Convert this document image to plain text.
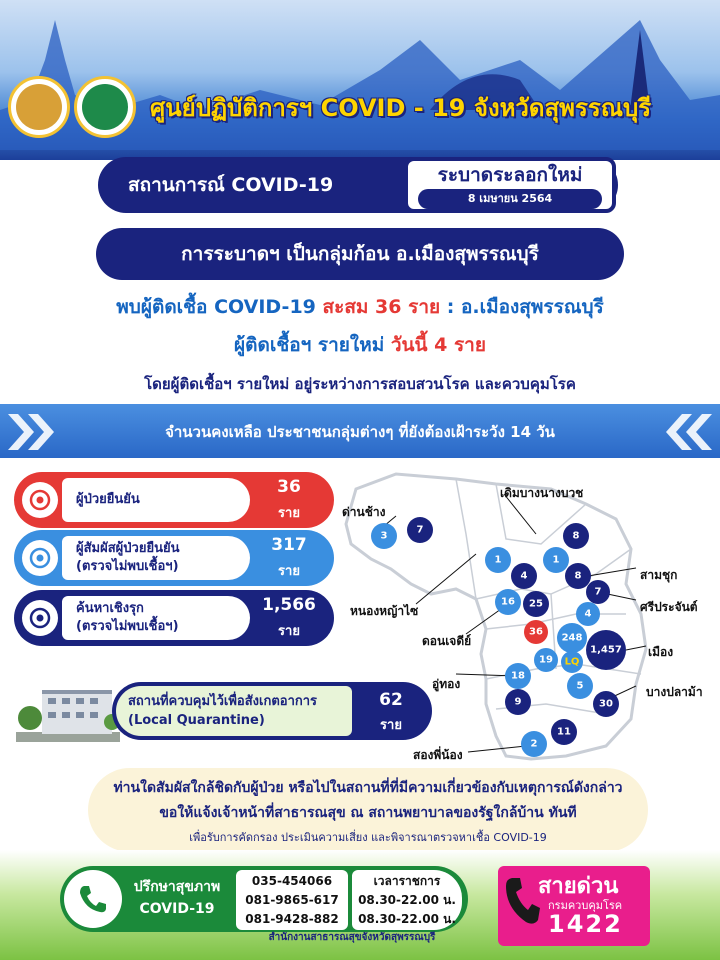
ศูนย์ปฏิบัติการฯ COVID - 19 จังหวัดสุพรรณบุรี
สถานการณ์ COVID-19	ระบาดระลอกใหม่
8 เมษายน 2564
การระบาดฯ เป็นกลุ่มก้อน อ.เมืองสุพรรณบุรี
พบผู้ติดเชื้อ COVID-19 สะสม 36 ราย : อ.เมืองสุพรรณบุรี
ผู้ติดเชื้อฯ รายใหม่ วันนี้ 4 ราย
โดยผู้ติดเชื้อฯ รายใหม่ อยู่ระหว่างการสอบสวนโรค และควบคุมโรค
จำนวนคงเหลือ ประชาชนกลุ่มต่างๆ ที่ยังต้องเฝ้าระวัง 14 วัน
ผู้ป่วยยืนยัน
36
ราย
ผู้สัมผัสผู้ป่วยยืนยัน
(ตรวจไม่พบเชื้อฯ)
317
ราย
ค้นหาเชิงรุก
(ตรวจไม่พบเชื้อฯ)
1,566
ราย
สถานที่ควบคุมไว้เพื่อสังเกตอาการ
(Local Quarantine)
62
ราย
3
7
8
1
4
1
8
7
16 25
4
36
248
1,457
19 LQ
18
9
5
30
2
11
ด่านช้าง
เดิมบางนางบวช
สามชุก
ศรีประจันต์
หนองหญ้าไซ
ดอนเจดีย์
เมือง
อู่ทอง
บางปลาม้า
สองพี่น้อง
ท่านใดสัมผัสใกล้ชิดกับผู้ป่วย หรือไปในสถานที่ที่มีความเกี่ยวข้องกับเหตุการณ์ดังกล่าว
ขอให้แจ้งเจ้าหน้าที่สาธารณสุข ณ สถานพยาบาลของรัฐใกล้บ้าน ทันที
เพื่อรับการคัดกรอง ประเมินความเสี่ยง และพิจารณาตรวจหาเชื้อ COVID-19
ปรึกษาสุขภาพ
COVID-19
035-454066
081-9865-617
081-9428-882
เวลาราชการ
08.30-22.00 น.
08.30-22.00 น.
สำนักงานสาธารณสุขจังหวัดสุพรรณบุรี
สายด่วน
กรมควบคุมโรค
1422
